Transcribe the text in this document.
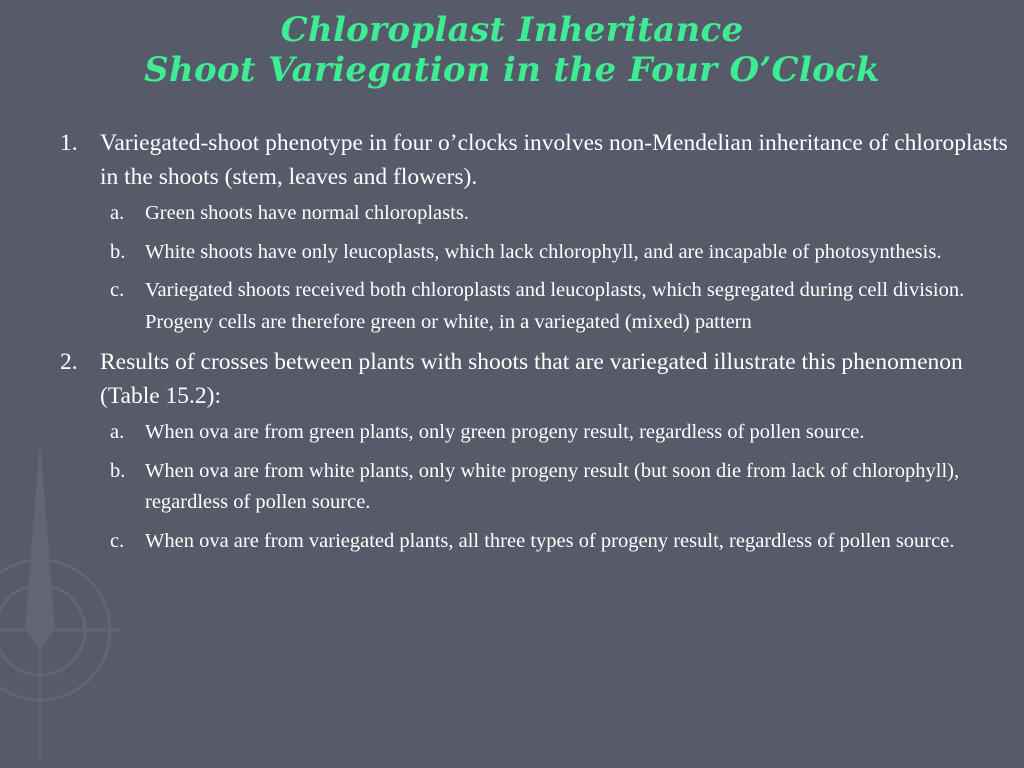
Chloroplast Inheritance
Shoot Variegation in the Four O’Clock
1. Variegated-shoot phenotype in four o’clocks involves non-Mendelian inheritance of chloroplasts in the shoots (stem, leaves and flowers).
a.	Green shoots have normal chloroplasts.
b. White shoots have only leucoplasts, which lack chlorophyll, and are incapable of photosynthesis.
c.	Variegated shoots received both chloroplasts and leucoplasts, which segregated during cell division. Progeny cells are therefore green or white, in a variegated (mixed) pattern
2. Results of crosses between plants with shoots that are variegated illustrate this phenomenon (Table 15.2):
a.	When ova are from green plants, only green progeny result, regardless of pollen source.
b. When ova are from white plants, only white progeny result (but soon die from lack of chlorophyll), regardless of pollen source.
c.	When ova are from variegated plants, all three types of progeny result, regardless of pollen source.
